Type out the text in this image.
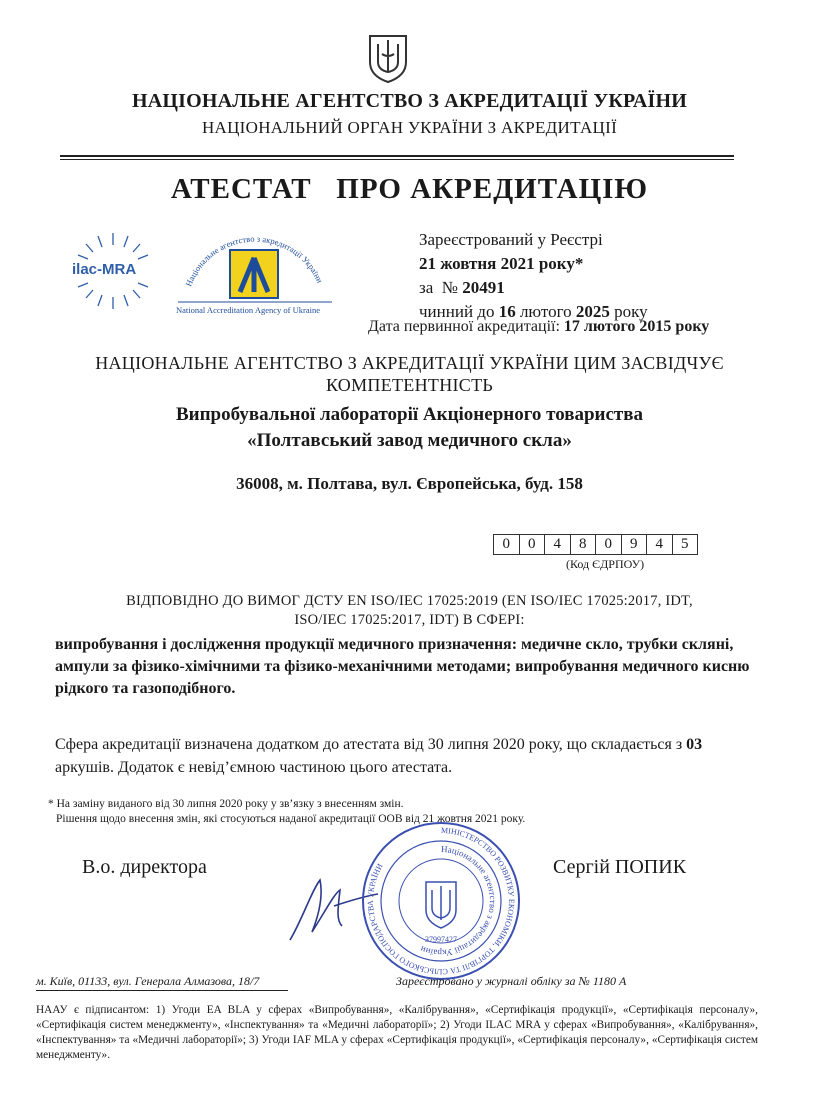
НАЦІОНАЛЬНЕ АГЕНТСТВО З АКРЕДИТАЦІЇ УКРАЇНИ
НАЦІОНАЛЬНИЙ ОРГАН УКРАЇНИ З АКРЕДИТАЦІЇ
АТЕСТАТ   ПРО АКРЕДИТАЦІЮ
ilac-MRA
Національне агентство з акредитації України
National Accreditation Agency of Ukraine
Зареєстрований у Реєстрі
21 жовтня 2021 року*
за  № 20491
чинний до 16 лютого 2025 року
Дата первинної акредитації: 17 лютого 2015 року
НАЦІОНАЛЬНЕ АГЕНТСТВО З АКРЕДИТАЦІЇ УКРАЇНИ ЦИМ ЗАСВІДЧУЄ
КОМПЕТЕНТНІСТЬ
Випробувальної лабораторії Акціонерного товариства
«Полтавський завод медичного скла»
36008, м. Полтава, вул. Європейська, буд. 158
0	0	4	8	0	9	4	5
(Код ЄДРПОУ)
ВІДПОВІДНО ДО ВИМОГ ДСТУ EN ISO/IEC 17025:2019 (EN ISO/IEC 17025:2017, IDT,
ISO/IEC 17025:2017, IDT) В СФЕРІ:
випробування і дослідження продукції медичного призначення: медичне скло, трубки скляні, ампули за фізико-хімічними та фізико-механічними методами; випробування медичного кисню рідкого та газоподібного.
Сфера акредитації визначена додатком до атестата від 30 липня 2020 року, що складається з 03 аркушів. Додаток є невід’ємною частиною цього атестата.
* На заміну виданого від 30 липня 2020 року у зв’язку з внесенням змін.
Рішення щодо внесення змін, які стосуються наданої акредитації ООВ від 21 жовтня 2021 року.
В.о. директора	Сергій ПОПИК
МІНІСТЕРСТВО РОЗВИТКУ ЕКОНОМІКИ, ТОРГІВЛІ ТА СІЛЬСЬКОГО ГОСПОДАРСТВА УКРАЇНИ
Національне агентство з акредитації України
37997427
м. Київ, 01133, вул. Генерала Алмазова, 18/7	Зареєстровано у журналі обліку за № 1180 А
НААУ є підписантом: 1) Угоди EA BLA у сферах «Випробування», «Калібрування», «Сертифікація продукції», «Сертифікація персоналу», «Сертифікація систем менеджменту», «Інспектування» та «Медичні лабораторії»; 2) Угоди ILAC MRA у сферах «Випробування», «Калібрування», «Інспектування» та «Медичні лабораторії»; 3) Угоди IAF MLA у сферах «Сертифікація продукції», «Сертифікація персоналу», «Сертифікація систем менеджменту».
